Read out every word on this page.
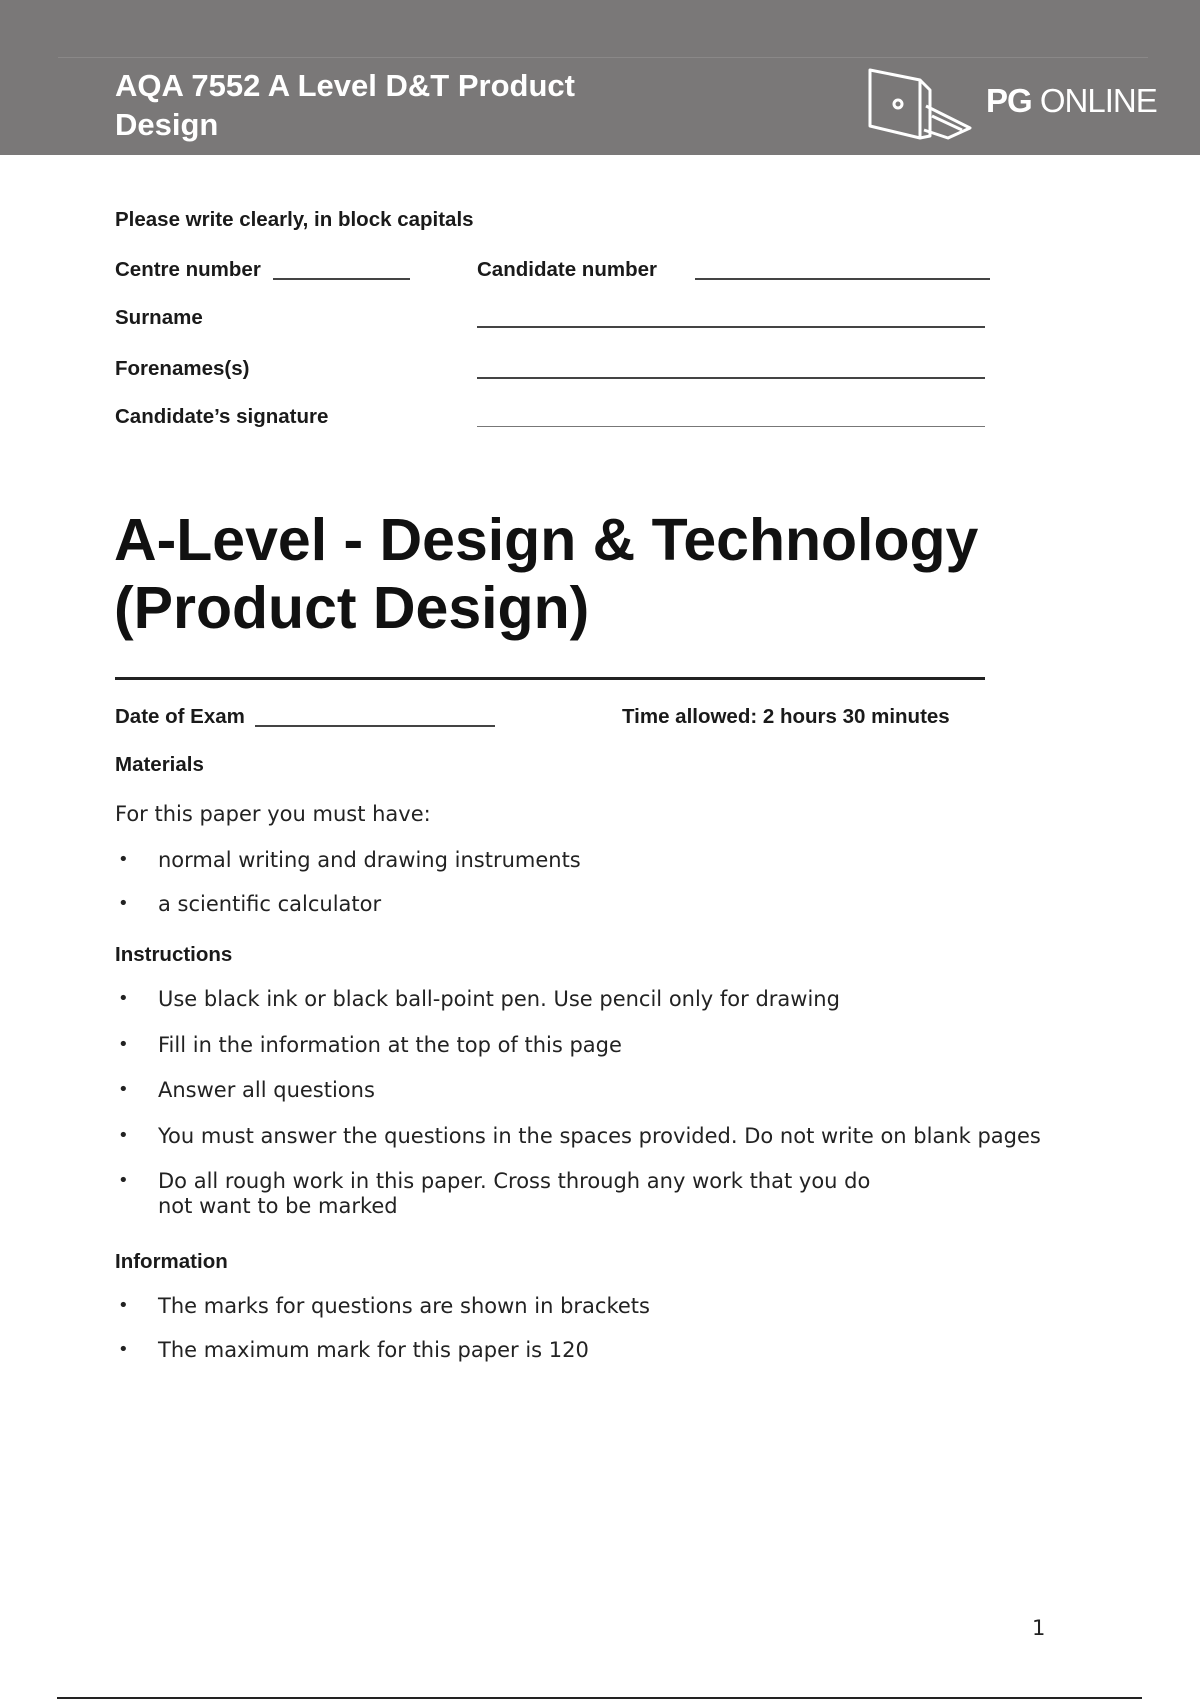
AQA 7552 A Level D&T Product Design
PG ONLINE
Please write clearly, in block capitals
Centre number	Candidate number
Surname
Forenames(s)
Candidate’s signature
A-Level - Design & Technology (Product Design)
Date of Exam	Time allowed: 2 hours 30 minutes
Materials
For this paper you must have:
• normal writing and drawing instruments
• a scientific calculator
Instructions
• Use black ink or black ball-point pen. Use pencil only for drawing
• Fill in the information at the top of this page
• Answer all questions
• You must answer the questions in the spaces provided. Do not write on blank pages
• Do all rough work in this paper. Cross through any work that you do
not want to be marked
Information
• The marks for questions are shown in brackets
• The maximum mark for this paper is 120
1
